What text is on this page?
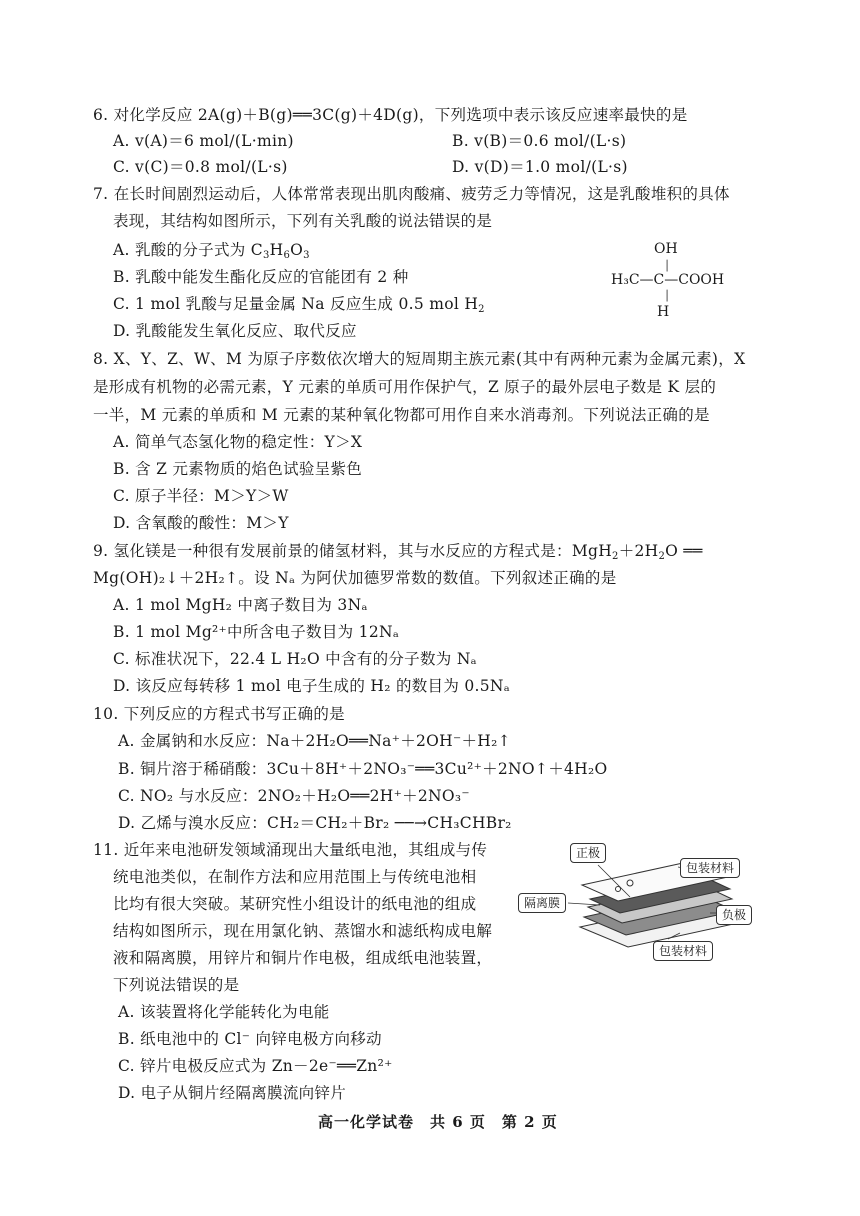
6. 对化学反应 2A(g)＋B(g)══3C(g)＋4D(g)，下列选项中表示该反应速率最快的是
A. v(A)＝6 mol/(L·min)	B. v(B)＝0.6 mol/(L·s)
C. v(C)＝0.8 mol/(L·s)	D. v(D)＝1.0 mol/(L·s)
7. 在长时间剧烈运动后，人体常常表现出肌肉酸痛、疲劳乏力等情况，这是乳酸堆积的具体
表现，其结构如图所示，下列有关乳酸的说法错误的是
A. 乳酸的分子式为 $C_3H_6O_3$
B. 乳酸中能发生酯化反应的官能团有 2 种
C. 1 mol 乳酸与足量金属 Na 反应生成 0.5 mol $H_2$
D. 乳酸能发生氧化反应、取代反应
OH
│
H₃C—C—COOH
│
H
8. X、Y、Z、W、M 为原子序数依次增大的短周期主族元素(其中有两种元素为金属元素)，X
是形成有机物的必需元素，Y 元素的单质可用作保护气，Z 原子的最外层电子数是 K 层的
一半，M 元素的单质和 M 元素的某种氧化物都可用作自来水消毒剂。下列说法正确的是
A. 简单气态氢化物的稳定性：Y＞X
B. 含 Z 元素物质的焰色试验呈紫色
C. 原子半径：M＞Y＞W
D. 含氧酸的酸性：M＞Y
9. 氢化镁是一种很有发展前景的储氢材料，其与水反应的方程式是：$MgH_2+2H_2O$ ══
Mg(OH)₂↓＋2H₂↑。设 Nₐ 为阿伏加德罗常数的数值。下列叙述正确的是
A. 1 mol MgH₂ 中离子数目为 3Nₐ
B. 1 mol Mg²⁺中所含电子数目为 12Nₐ
C. 标准状况下，22.4 L H₂O 中含有的分子数为 Nₐ
D. 该反应每转移 1 mol 电子生成的 H₂ 的数目为 0.5Nₐ
10. 下列反应的方程式书写正确的是
A. 金属钠和水反应：Na＋2H₂O══Na⁺＋2OH⁻＋H₂↑
B. 铜片溶于稀硝酸：3Cu＋8H⁺＋2NO₃⁻══3Cu²⁺＋2NO↑＋4H₂O
C. NO₂ 与水反应：2NO₂＋H₂O══2H⁺＋2NO₃⁻
D. 乙烯与溴水反应：CH₂＝CH₂＋Br₂ ──→CH₃CHBr₂
11. 近年来电池研发领域涌现出大量纸电池，其组成与传
统电池类似，在制作方法和应用范围上与传统电池相
比均有很大突破。某研究性小组设计的纸电池的组成
结构如图所示，现在用氯化钠、蒸馏水和滤纸构成电解
液和隔离膜，用锌片和铜片作电极，组成纸电池装置，
下列说法错误的是
A. 该装置将化学能转化为电能
B. 纸电池中的 Cl⁻ 向锌电极方向移动
C. 锌片电极反应式为 Zn－2e⁻══Zn²⁺
D. 电子从铜片经隔离膜流向锌片
正极
包装材料
隔离膜
负极
包装材料
高一化学试卷　共 6 页　第 2 页
